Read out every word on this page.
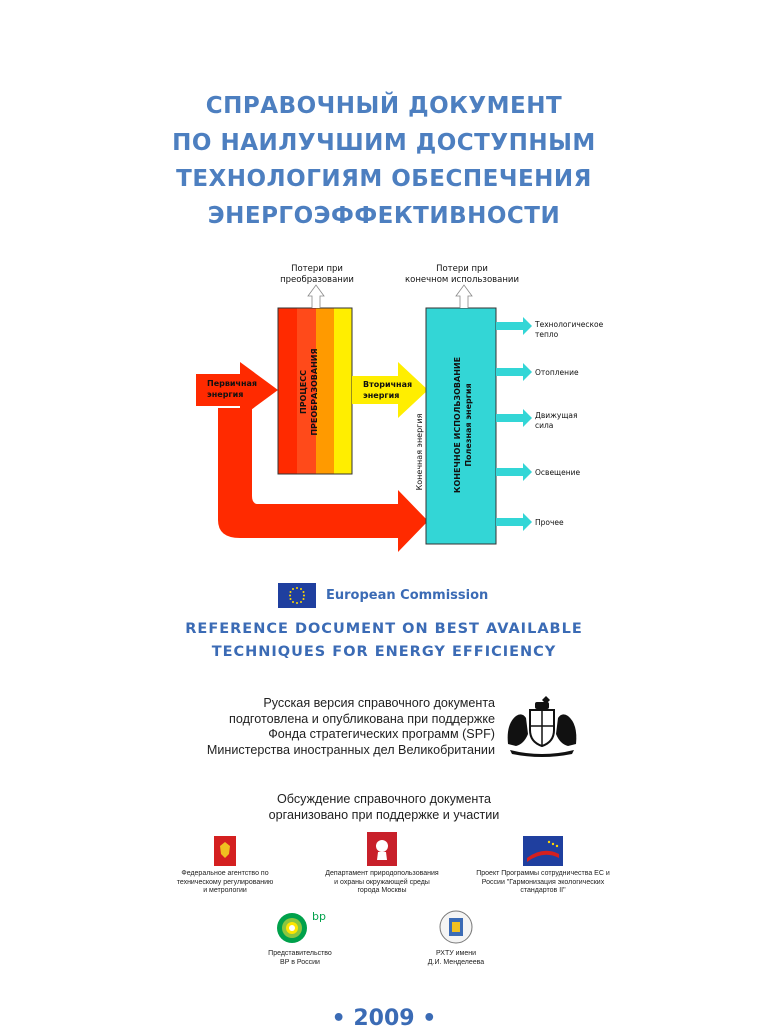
СПРАВОЧНЫЙ ДОКУМЕНТ
ПО НАИЛУЧШИМ ДОСТУПНЫМ
ТЕХНОЛОГИЯМ ОБЕСПЕЧЕНИЯ
ЭНЕРГОЭФФЕКТИВНОСТИ
Первичная
энергия	ПРОЦЕСС ПРЕОБРАЗОВАНИЯ
Потери при
преобразовании
Вторичная
энергия
Конечная энергия	КОНЕЧНОЕ ИСПОЛЬЗОВАНИЕ Полезная энергия
Потери при
конечном использовании
Технологическое
тепло
Отопление
Движущая
сила
Освещение
Прочее
European Commission
REFERENCE DOCUMENT ON BEST AVAILABLE
TECHNIQUES FOR ENERGY EFFICIENCY
Русская версия справочного документа
подготовлена и опубликована при поддержке
Фонда стратегических программ (SPF)
Министерства иностранных дел Великобритании
Обсуждение справочного документа
организовано при поддержке и участии
Федеральное агентство по
техническому регулированию
и метрологии
Департамент природопользования
и охраны окружающей среды
города Москвы
Проект Программы сотрудничества ЕС и
России "Гармонизация экологических
стандартов II"
bp
Представительство
BP в России
РХТУ имени
Д.И. Менделеева
• 2009 •
